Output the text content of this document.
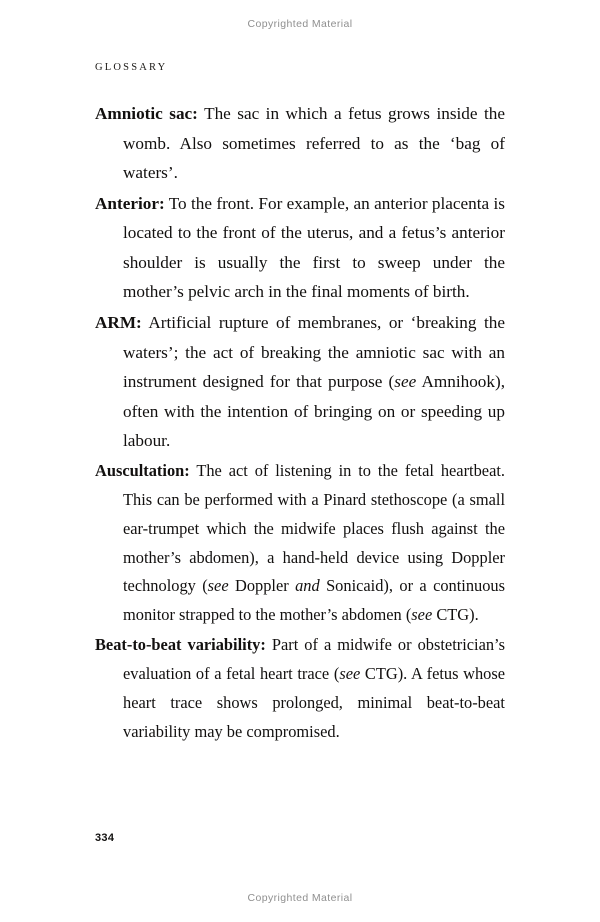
Copyrighted Material
GLOSSARY

Amniotic sac: The sac in which a fetus grows inside the womb. Also sometimes referred to as the ‘bag of waters’.

Anterior: To the front. For example, an anterior placenta is located to the front of the uterus, and a fetus’s anterior shoulder is usually the first to sweep under the mother’s pelvic arch in the final moments of birth.

ARM: Artificial rupture of membranes, or ‘breaking the waters’; the act of breaking the amniotic sac with an instrument designed for that purpose (see Amnihook), often with the intention of bringing on or speeding up labour.

Auscultation: The act of listening in to the fetal heartbeat. This can be performed with a Pinard stethoscope (a small ear-trumpet which the midwife places flush against the mother’s abdomen), a hand-held device using Doppler technology (see Doppler and Sonicaid), or a continuous monitor strapped to the mother’s abdomen (see CTG).

Beat-to-beat variability: Part of a midwife or obstetrician’s evaluation of a fetal heart trace (see CTG). A fetus whose heart trace shows prolonged, minimal beat-to-beat variability may be compromised.

334
Copyrighted Material
